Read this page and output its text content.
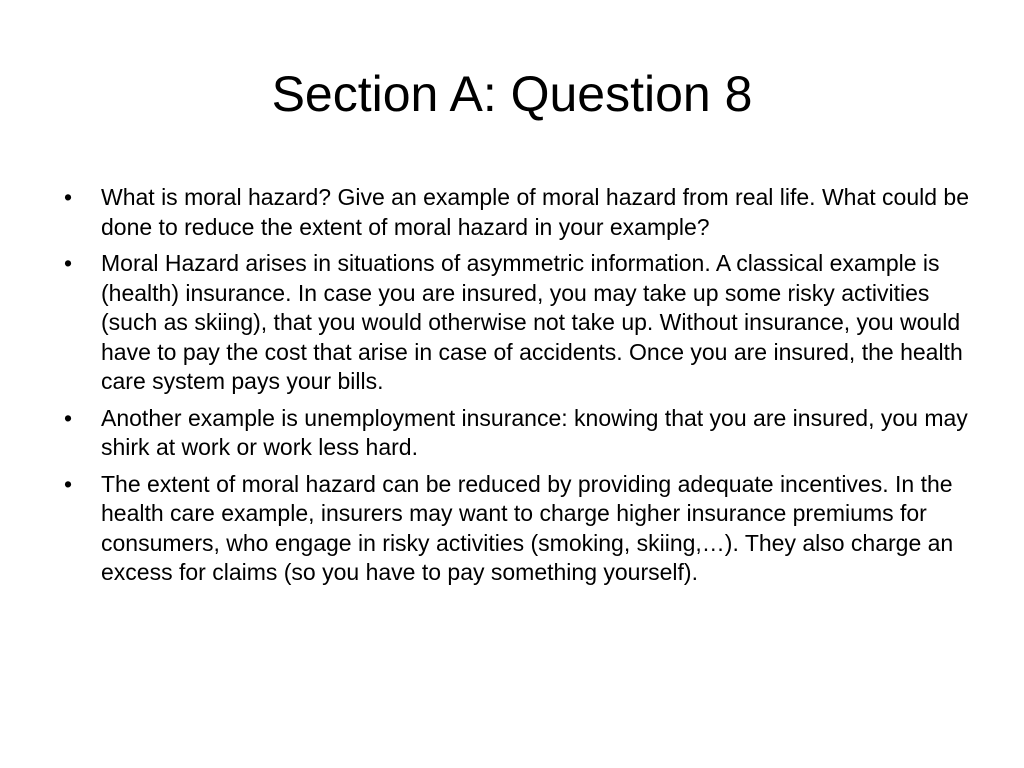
Section A: Question 8
•	What is moral hazard? Give an example of moral hazard from real life. What could be done to reduce the extent of moral hazard in your example?
•	Moral Hazard arises in situations of asymmetric information. A classical example is (health) insurance. In case you are insured, you may take up some risky activities (such as skiing), that you would otherwise not take up. Without insurance, you would have to pay the cost that arise in case of accidents. Once you are insured, the health care system pays your bills.
•	Another example is unemployment insurance: knowing that you are insured, you may shirk at work or work less hard.
•	The extent of moral hazard can be reduced by providing adequate incentives. In the health care example, insurers may want to charge higher insurance premiums for consumers, who engage in risky activities (smoking, skiing,…). They also charge an excess for claims (so you have to pay something yourself).
